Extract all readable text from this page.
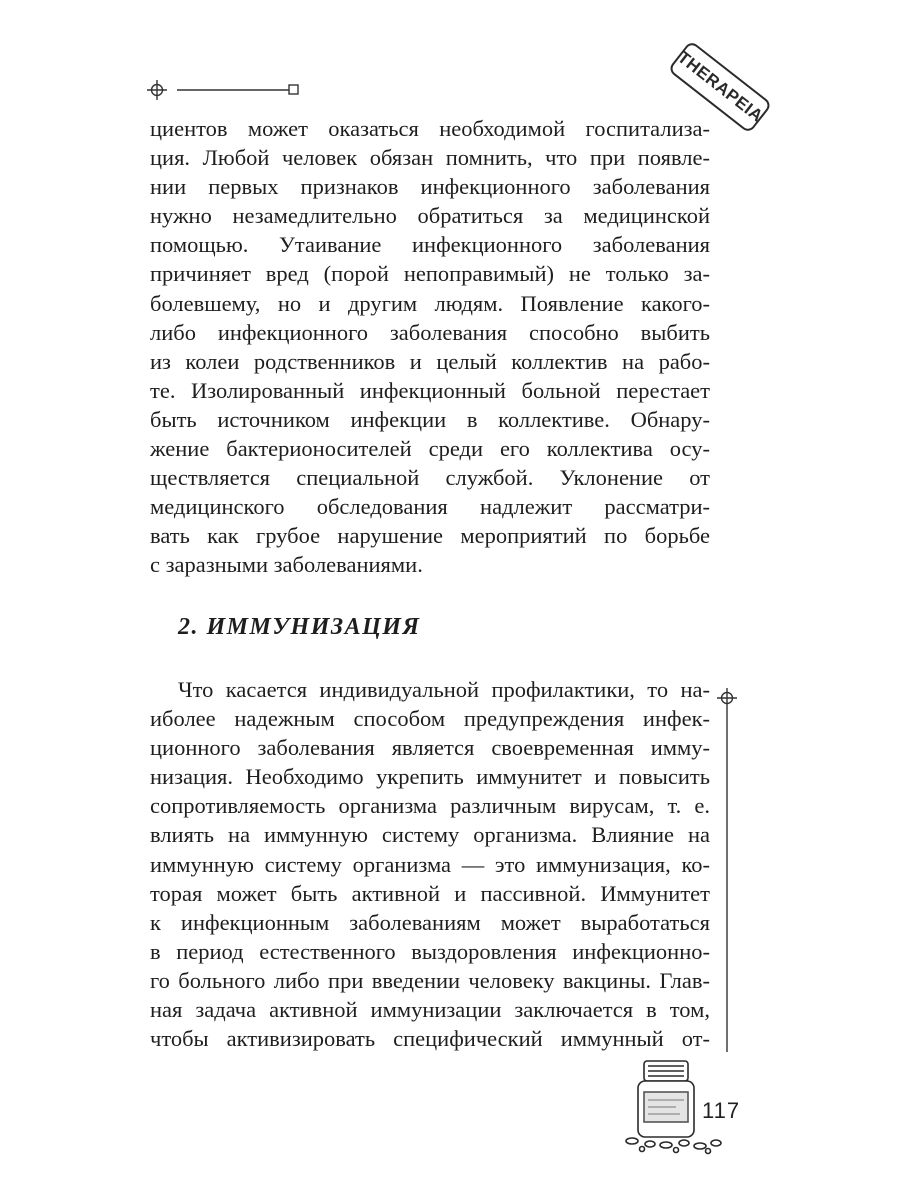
THERAPEIA

циентов может оказаться необходимой госпитализа-
ция. Любой человек обязан помнить, что при появле-
нии первых признаков инфекционного заболевания
нужно незамедлительно обратиться за медицинской
помощью. Утаивание инфекционного заболевания
причиняет вред (порой непоправимый) не только за-
болевшему, но и другим людям. Появление какого-
либо инфекционного заболевания способно выбить
из колеи родственников и целый коллектив на рабо-
те. Изолированный инфекционный больной перестает
быть источником инфекции в коллективе. Обнару-
жение бактерионосителей среди его коллектива осу-
ществляется специальной службой. Уклонение от
медицинского обследования надлежит рассматри-
вать как грубое нарушение мероприятий по борьбе
с заразными заболеваниями.

2. ИММУНИЗАЦИЯ

Что касается индивидуальной профилактики, то на-
иболее надежным способом предупреждения инфек-
ционного заболевания является своевременная имму-
низация. Необходимо укрепить иммунитет и повысить
сопротивляемость организма различным вирусам, т. е.
влиять на иммунную систему организма. Влияние на
иммунную систему организма — это иммунизация, ко-
торая может быть активной и пассивной. Иммунитет
к инфекционным заболеваниям может выработаться
в период естественного выздоровления инфекционно-
го больного либо при введении человеку вакцины. Глав-
ная задача активной иммунизации заключается в том,
чтобы активизировать специфический иммунный от-

117
